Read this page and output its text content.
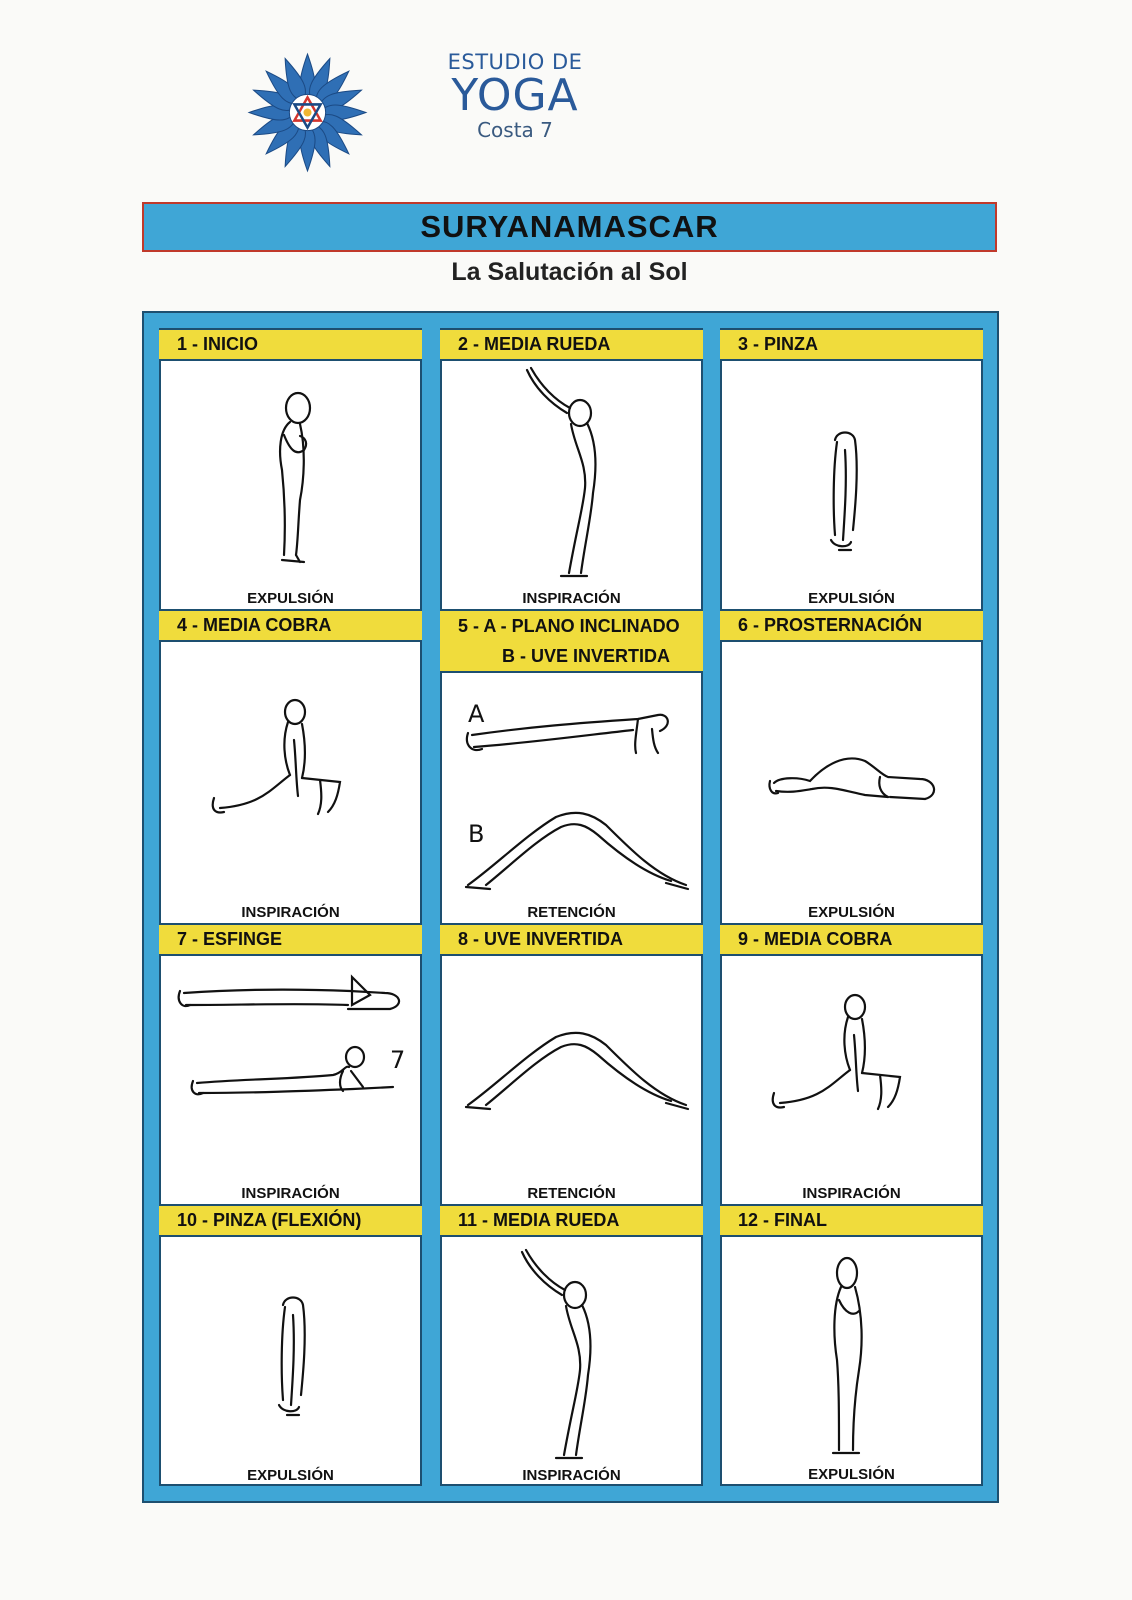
ESTUDIO DE
YOGA
Costa 7
SURYANAMASCAR
La Salutación al Sol
1 - INICIO	2 - MEDIA RUEDA	3 - PINZA
EXPULSIÓN	INSPIRACIÓN	EXPULSIÓN
4 - MEDIA COBRA	5 - A - PLANO INCLINADO
B - UVE INVERTIDA
6 - PROSTERNACIÓN
A
B
INSPIRACIÓN	RETENCIÓN	EXPULSIÓN
7 - ESFINGE	8 - UVE INVERTIDA	9 - MEDIA COBRA
7
INSPIRACIÓN	RETENCIÓN	INSPIRACIÓN
10 - PINZA (FLEXIÓN)	11 - MEDIA RUEDA	12 - FINAL
EXPULSIÓN	INSPIRACIÓN	EXPULSIÓN
